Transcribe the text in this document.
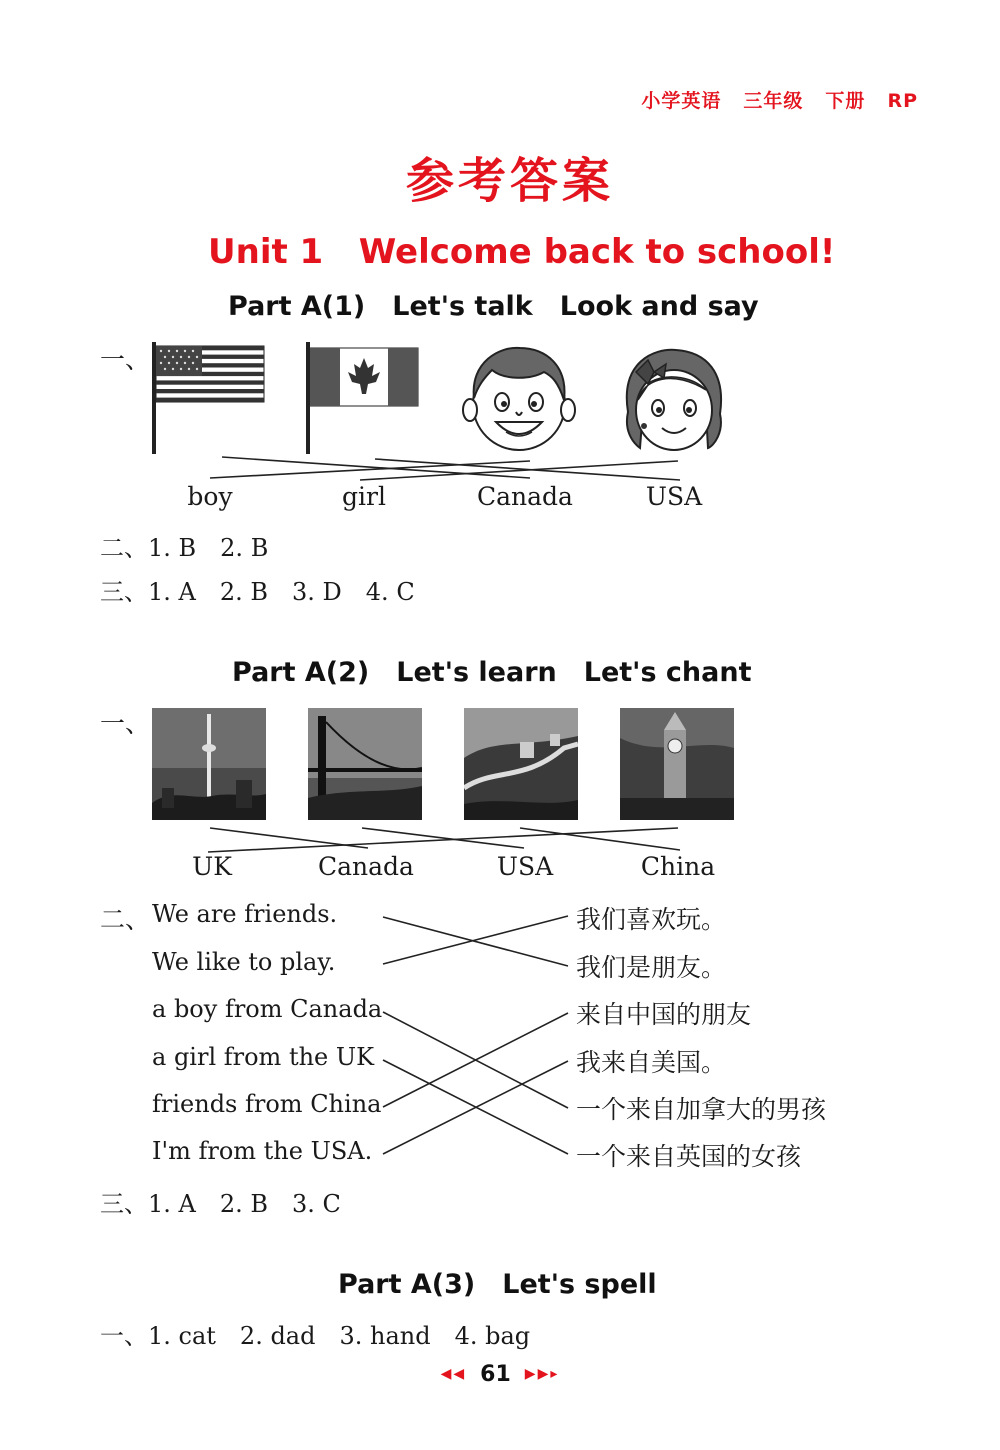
小学英语 三年级 下册 RP
参考答案
Unit 1 Welcome back to school!
Part A(1)　Let's talk　Look and say
一、
boy	girl	Canada	USA
二、1. B　2. B
三、1. A　2. B　3. D　4. C
Part A(2)　Let's learn　Let's chant
一、
UK	Canada	USA	China
二、 We are friends.
We like to play.
a boy from Canada
a girl from the UK
friends from China
I'm from the USA.
我们喜欢玩。
我们是朋友。
来自中国的朋友
我来自美国。
一个来自加拿大的男孩
一个来自英国的女孩
三、1. A　2. B　3. C
Part A(3)　Let's spell
一、1. cat　2. dad　3. hand　4. bag
◀◀ 61 ▶▶▸
